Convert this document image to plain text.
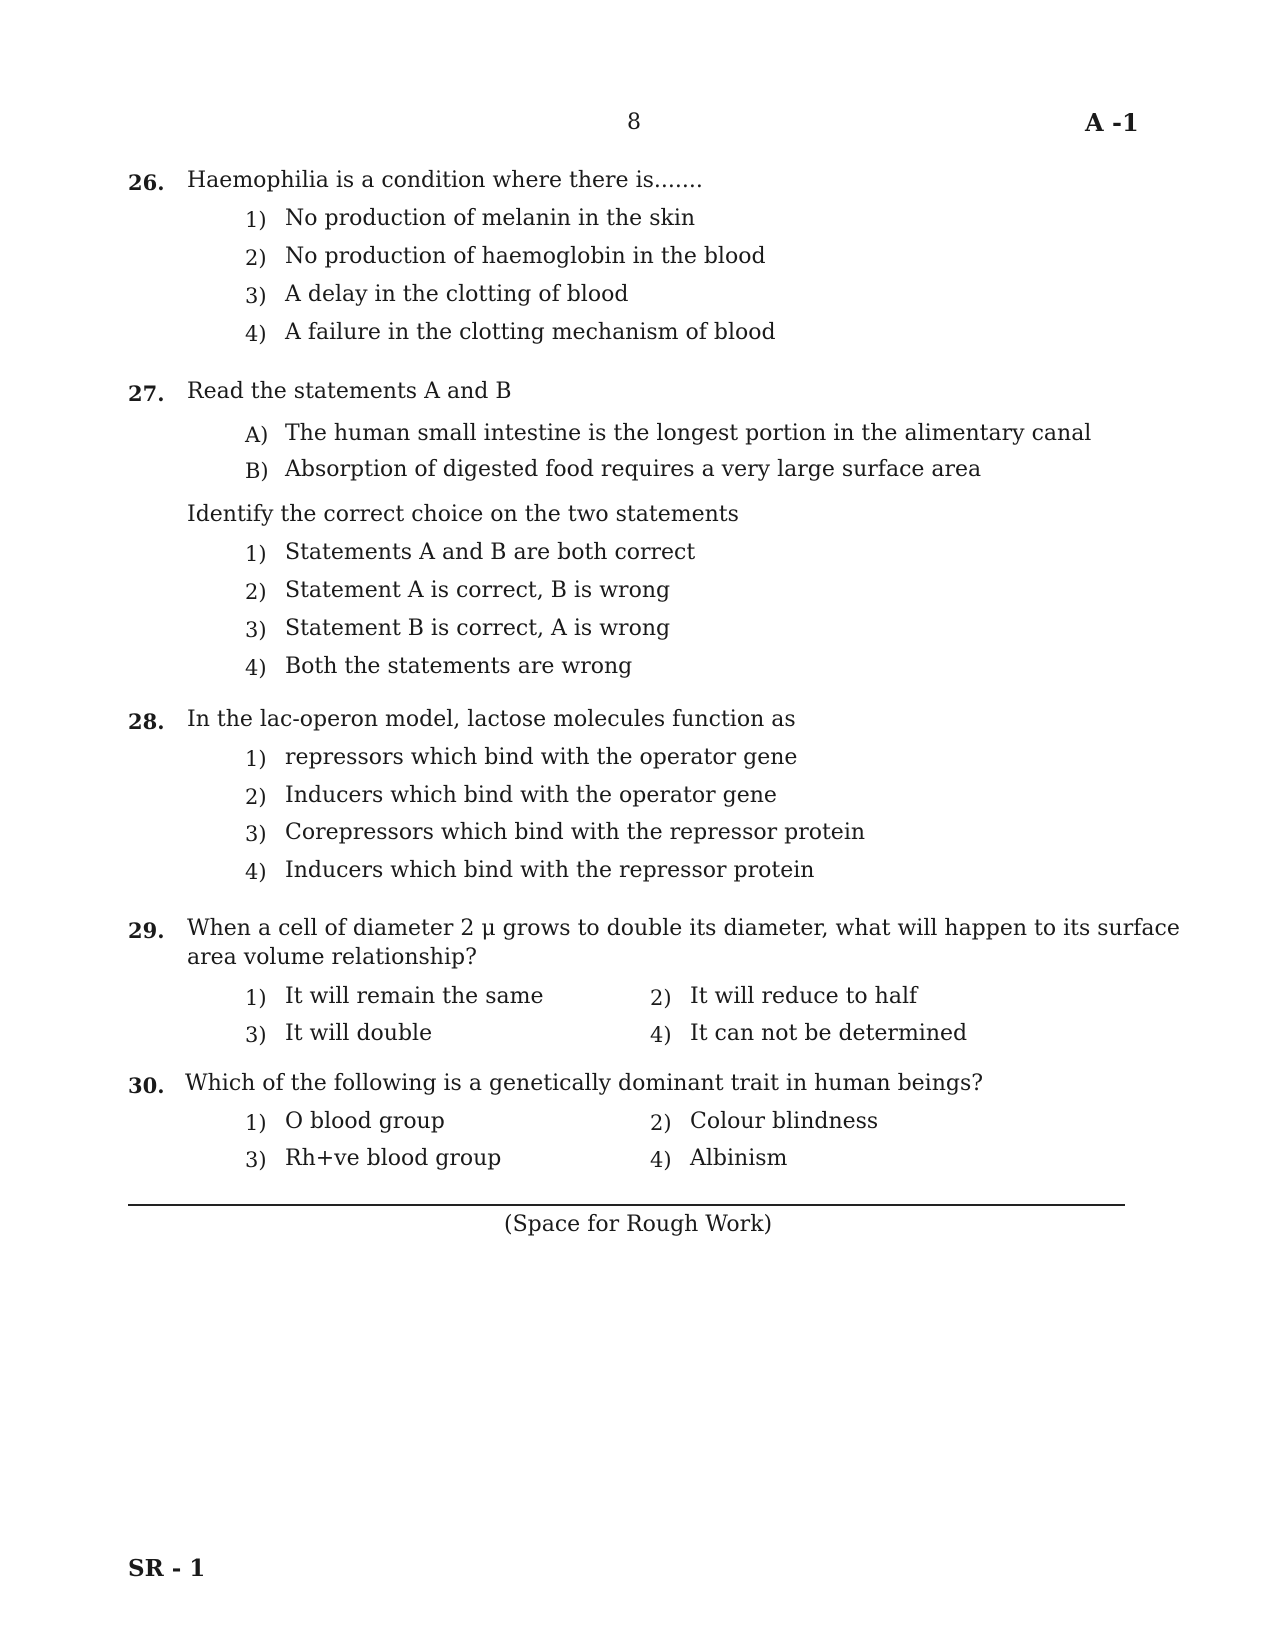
8	A -1
26. Haemophilia is a condition where there is.......
1) No production of melanin in the skin
2) No production of haemoglobin in the blood
3) A delay in the clotting of blood
4) A failure in the clotting mechanism of blood
27. Read the statements A and B
A) The human small intestine is the longest portion in the alimentary canal
B) Absorption of digested food requires a very large surface area
Identify the correct choice on the two statements
1) Statements A and B are both correct
2) Statement A is correct, B is wrong
3) Statement B is correct, A is wrong
4) Both the statements are wrong
28. In the lac-operon model, lactose molecules function as
1) repressors which bind with the operator gene
2) Inducers which bind with the operator gene
3) Corepressors which bind with the repressor protein
4) Inducers which bind with the repressor protein
29. When a cell of diameter 2 μ grows to double its diameter, what will happen to its surface
area volume relationship?
1) It will remain the same	2) It will reduce to half
3) It will double	4) It can not be determined
30. Which of the following is a genetically dominant trait in human beings?
1) O blood group	2) Colour blindness
3) Rh+ve blood group	4) Albinism
(Space for Rough Work)
SR - 1
